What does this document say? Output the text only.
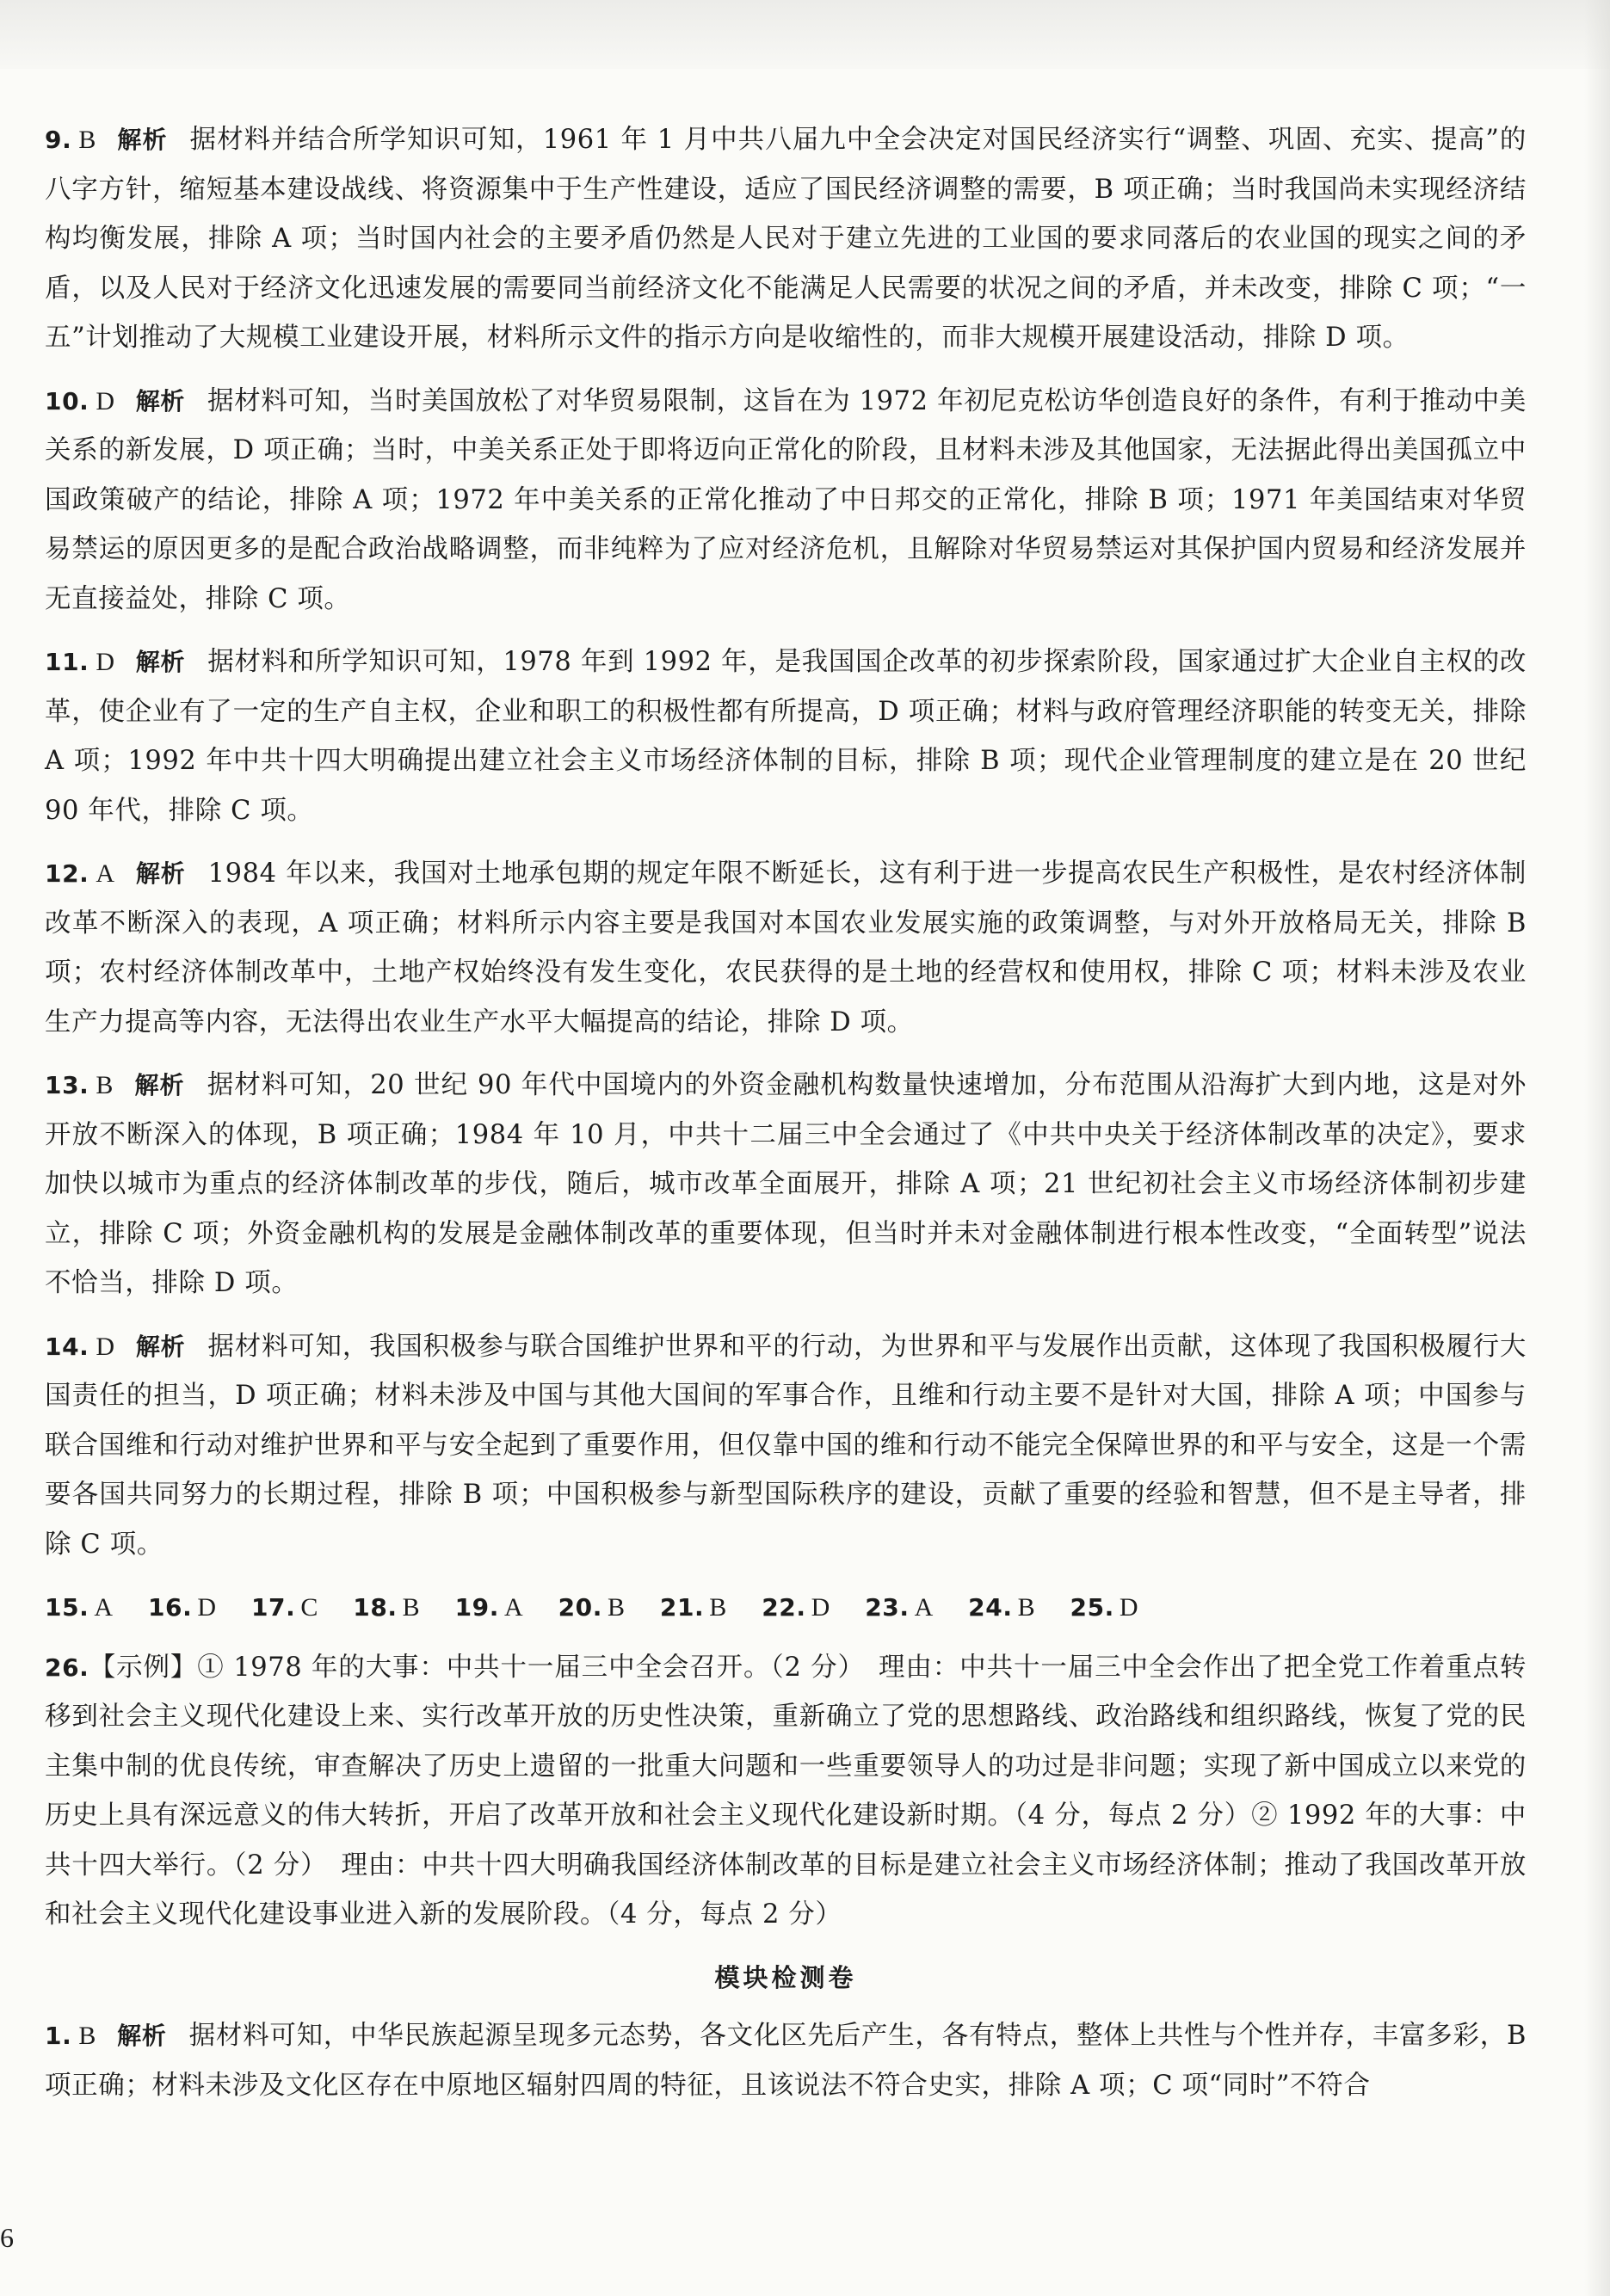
9. B 解析 据材料并结合所学知识可知，1961 年 1 月中共八届九中全会决定对国民经济实行“调整、巩固、充实、提高”的八字方针，缩短基本建设战线、将资源集中于生产性建设，适应了国民经济调整的需要，B 项正确；当时我国尚未实现经济结构均衡发展，排除 A 项；当时国内社会的主要矛盾仍然是人民对于建立先进的工业国的要求同落后的农业国的现实之间的矛盾，以及人民对于经济文化迅速发展的需要同当前经济文化不能满足人民需要的状况之间的矛盾，并未改变，排除 C 项；“一五”计划推动了大规模工业建设开展，材料所示文件的指示方向是收缩性的，而非大规模开展建设活动，排除 D 项。

10. D 解析 据材料可知，当时美国放松了对华贸易限制，这旨在为 1972 年初尼克松访华创造良好的条件，有利于推动中美关系的新发展，D 项正确；当时，中美关系正处于即将迈向正常化的阶段，且材料未涉及其他国家，无法据此得出美国孤立中国政策破产的结论，排除 A 项；1972 年中美关系的正常化推动了中日邦交的正常化，排除 B 项；1971 年美国结束对华贸易禁运的原因更多的是配合政治战略调整，而非纯粹为了应对经济危机，且解除对华贸易禁运对其保护国内贸易和经济发展并无直接益处，排除 C 项。

11. D 解析 据材料和所学知识可知，1978 年到 1992 年，是我国国企改革的初步探索阶段，国家通过扩大企业自主权的改革，使企业有了一定的生产自主权，企业和职工的积极性都有所提高，D 项正确；材料与政府管理经济职能的转变无关，排除 A 项；1992 年中共十四大明确提出建立社会主义市场经济体制的目标，排除 B 项；现代企业管理制度的建立是在 20 世纪 90 年代，排除 C 项。

12. A 解析 1984 年以来，我国对土地承包期的规定年限不断延长，这有利于进一步提高农民生产积极性，是农村经济体制改革不断深入的表现，A 项正确；材料所示内容主要是我国对本国农业发展实施的政策调整，与对外开放格局无关，排除 B 项；农村经济体制改革中，土地产权始终没有发生变化，农民获得的是土地的经营权和使用权，排除 C 项；材料未涉及农业生产力提高等内容，无法得出农业生产水平大幅提高的结论，排除 D 项。

13. B 解析 据材料可知，20 世纪 90 年代中国境内的外资金融机构数量快速增加，分布范围从沿海扩大到内地，这是对外开放不断深入的体现，B 项正确；1984 年 10 月，中共十二届三中全会通过了《中共中央关于经济体制改革的决定》，要求加快以城市为重点的经济体制改革的步伐，随后，城市改革全面展开，排除 A 项；21 世纪初社会主义市场经济体制初步建立，排除 C 项；外资金融机构的发展是金融体制改革的重要体现，但当时并未对金融体制进行根本性改变，“全面转型”说法不恰当，排除 D 项。

14. D 解析 据材料可知，我国积极参与联合国维护世界和平的行动，为世界和平与发展作出贡献，这体现了我国积极履行大国责任的担当，D 项正确；材料未涉及中国与其他大国间的军事合作，且维和行动主要不是针对大国，排除 A 项；中国参与联合国维和行动对维护世界和平与安全起到了重要作用，但仅靠中国的维和行动不能完全保障世界的和平与安全，这是一个需要各国共同努力的长期过程，排除 B 项；中国积极参与新型国际秩序的建设，贡献了重要的经验和智慧，但不是主导者，排除 C 项。

15. A 16. D 17. C 18. B 19. A 20. B 21. B 22. D 23. A 24. B 25. D

26.【示例】① 1978 年的大事：中共十一届三中全会召开。（2 分）　理由：中共十一届三中全会作出了把全党工作着重点转移到社会主义现代化建设上来、实行改革开放的历史性决策，重新确立了党的思想路线、政治路线和组织路线，恢复了党的民主集中制的优良传统，审查解决了历史上遗留的一批重大问题和一些重要领导人的功过是非问题；实现了新中国成立以来党的历史上具有深远意义的伟大转折，开启了改革开放和社会主义现代化建设新时期。（4 分，每点 2 分）② 1992 年的大事：中共十四大举行。（2 分）　理由：中共十四大明确我国经济体制改革的目标是建立社会主义市场经济体制；推动了我国改革开放和社会主义现代化建设事业进入新的发展阶段。（4 分，每点 2 分）

模块检测卷

1. B 解析 据材料可知，中华民族起源呈现多元态势，各文化区先后产生，各有特点，整体上共性与个性并存，丰富多彩，B 项正确；材料未涉及文化区存在中原地区辐射四周的特征，且该说法不符合史实，排除 A 项；C 项“同时”不符合

6
